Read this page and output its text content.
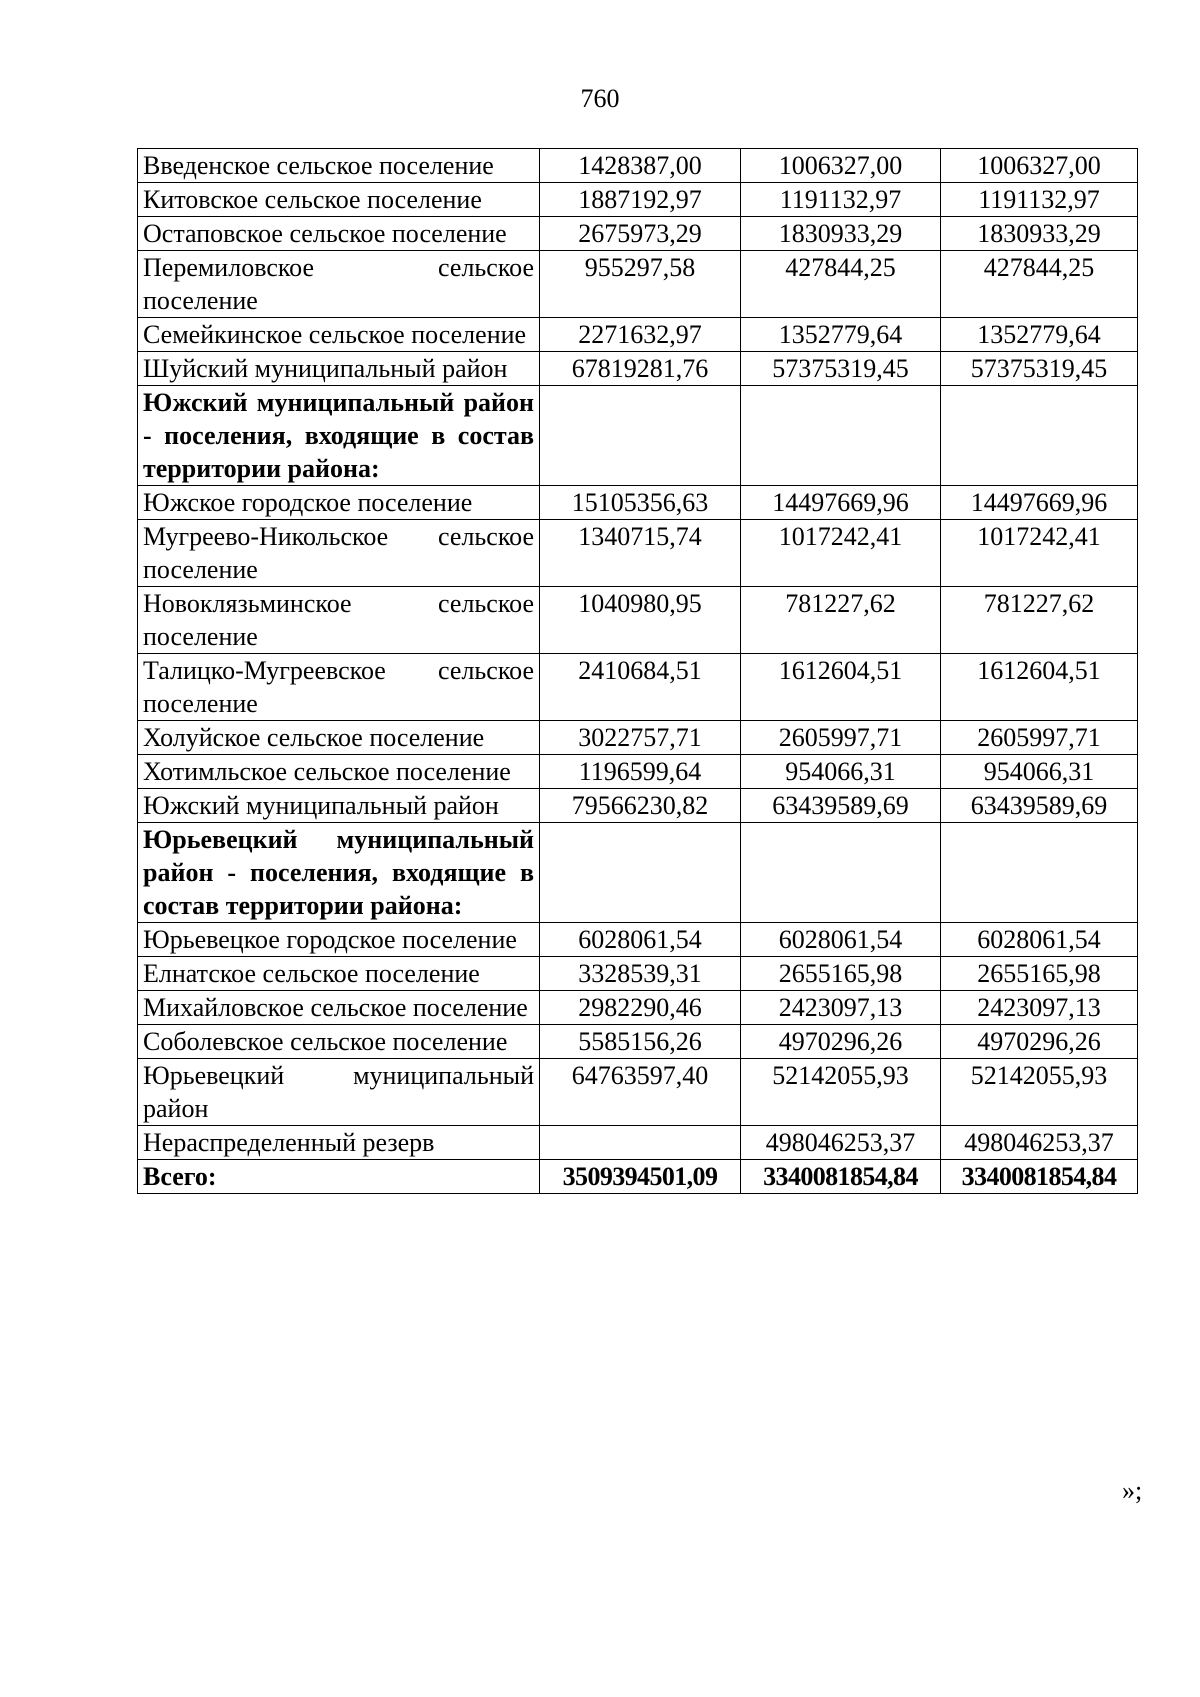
760
Введенское сельское поселение	1428387,00	1006327,00	1006327,00
Китовское сельское поселение	1887192,97	1191132,97	1191132,97
Остаповское сельское поселение	2675973,29	1830933,29	1830933,29
Перемиловское сельское поселение	955297,58	427844,25	427844,25
Семейкинское сельское поселение	2271632,97	1352779,64	1352779,64
Шуйский муниципальный район	67819281,76	57375319,45	57375319,45
Южский муниципальный район - поселения, входящие в состав территории района:			
Южское городское поселение	15105356,63	14497669,96	14497669,96
Мугреево-Никольское сельское поселение	1340715,74	1017242,41	1017242,41
Новоклязьминское сельское поселение	1040980,95	781227,62	781227,62
Талицко-Мугреевское сельское поселение	2410684,51	1612604,51	1612604,51
Холуйское сельское поселение	3022757,71	2605997,71	2605997,71
Хотимльское сельское поселение	1196599,64	954066,31	954066,31
Южский муниципальный район	79566230,82	63439589,69	63439589,69
Юрьевецкий муниципальный район - поселения, входящие в состав территории района:			
Юрьевецкое городское поселение	6028061,54	6028061,54	6028061,54
Елнатское сельское поселение	3328539,31	2655165,98	2655165,98
Михайловское сельское поселение	2982290,46	2423097,13	2423097,13
Соболевское сельское поселение	5585156,26	4970296,26	4970296,26
Юрьевецкий муниципальный район	64763597,40	52142055,93	52142055,93
Нераспределенный резерв		498046253,37	498046253,37
Всего:	3509394501,09	3340081854,84	3340081854,84
»;
